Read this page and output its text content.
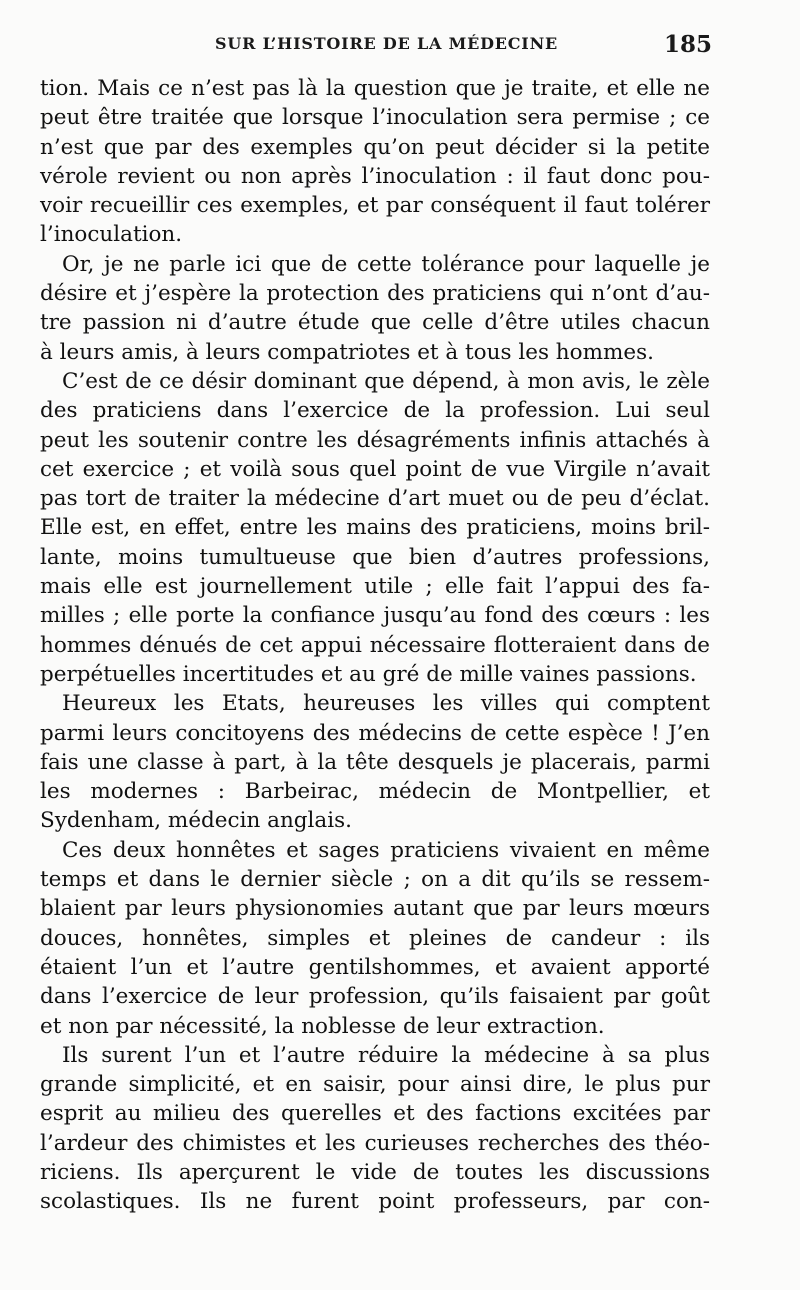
SUR L’HISTOIRE DE LA MÉDECINE	185

tion. Mais ce n’est pas là la question que je traite, et elle ne

peut être traitée que lorsque l’inoculation sera permise ; ce

n’est que par des exemples qu’on peut décider si la petite

vérole revient ou non après l’inoculation : il faut donc pou-

voir recueillir ces exemples, et par conséquent il faut tolérer

l’inoculation.

Or, je ne parle ici que de cette tolérance pour laquelle je

désire et j’espère la protection des praticiens qui n’ont d’au-

tre passion ni d’autre étude que celle d’être utiles chacun

à leurs amis, à leurs compatriotes et à tous les hommes.

C’est de ce désir dominant que dépend, à mon avis, le zèle

des praticiens dans l’exercice de la profession. Lui seul

peut les soutenir contre les désagréments infinis attachés à

cet exercice ; et voilà sous quel point de vue Virgile n’avait

pas tort de traiter la médecine d’art muet ou de peu d’éclat.

Elle est, en effet, entre les mains des praticiens, moins bril-

lante, moins tumultueuse que bien d’autres professions,

mais elle est journellement utile ; elle fait l’appui des fa-

milles ; elle porte la confiance jusqu’au fond des cœurs : les

hommes dénués de cet appui nécessaire flotteraient dans de

perpétuelles incertitudes et au gré de mille vaines passions.

Heureux les Etats, heureuses les villes qui comptent

parmi leurs concitoyens des médecins de cette espèce ! J’en

fais une classe à part, à la tête desquels je placerais, parmi

les modernes : Barbeirac, médecin de Montpellier, et

Sydenham, médecin anglais.

Ces deux honnêtes et sages praticiens vivaient en même

temps et dans le dernier siècle ; on a dit qu’ils se ressem-

blaient par leurs physionomies autant que par leurs mœurs

douces, honnêtes, simples et pleines de candeur : ils

étaient l’un et l’autre gentilshommes, et avaient apporté

dans l’exercice de leur profession, qu’ils faisaient par goût

et non par nécessité, la noblesse de leur extraction.

Ils surent l’un et l’autre réduire la médecine à sa plus

grande simplicité, et en saisir, pour ainsi dire, le plus pur

esprit au milieu des querelles et des factions excitées par

l’ardeur des chimistes et les curieuses recherches des théo-

riciens. Ils aperçurent le vide de toutes les discussions

scolastiques. Ils ne furent point professeurs, par con-
